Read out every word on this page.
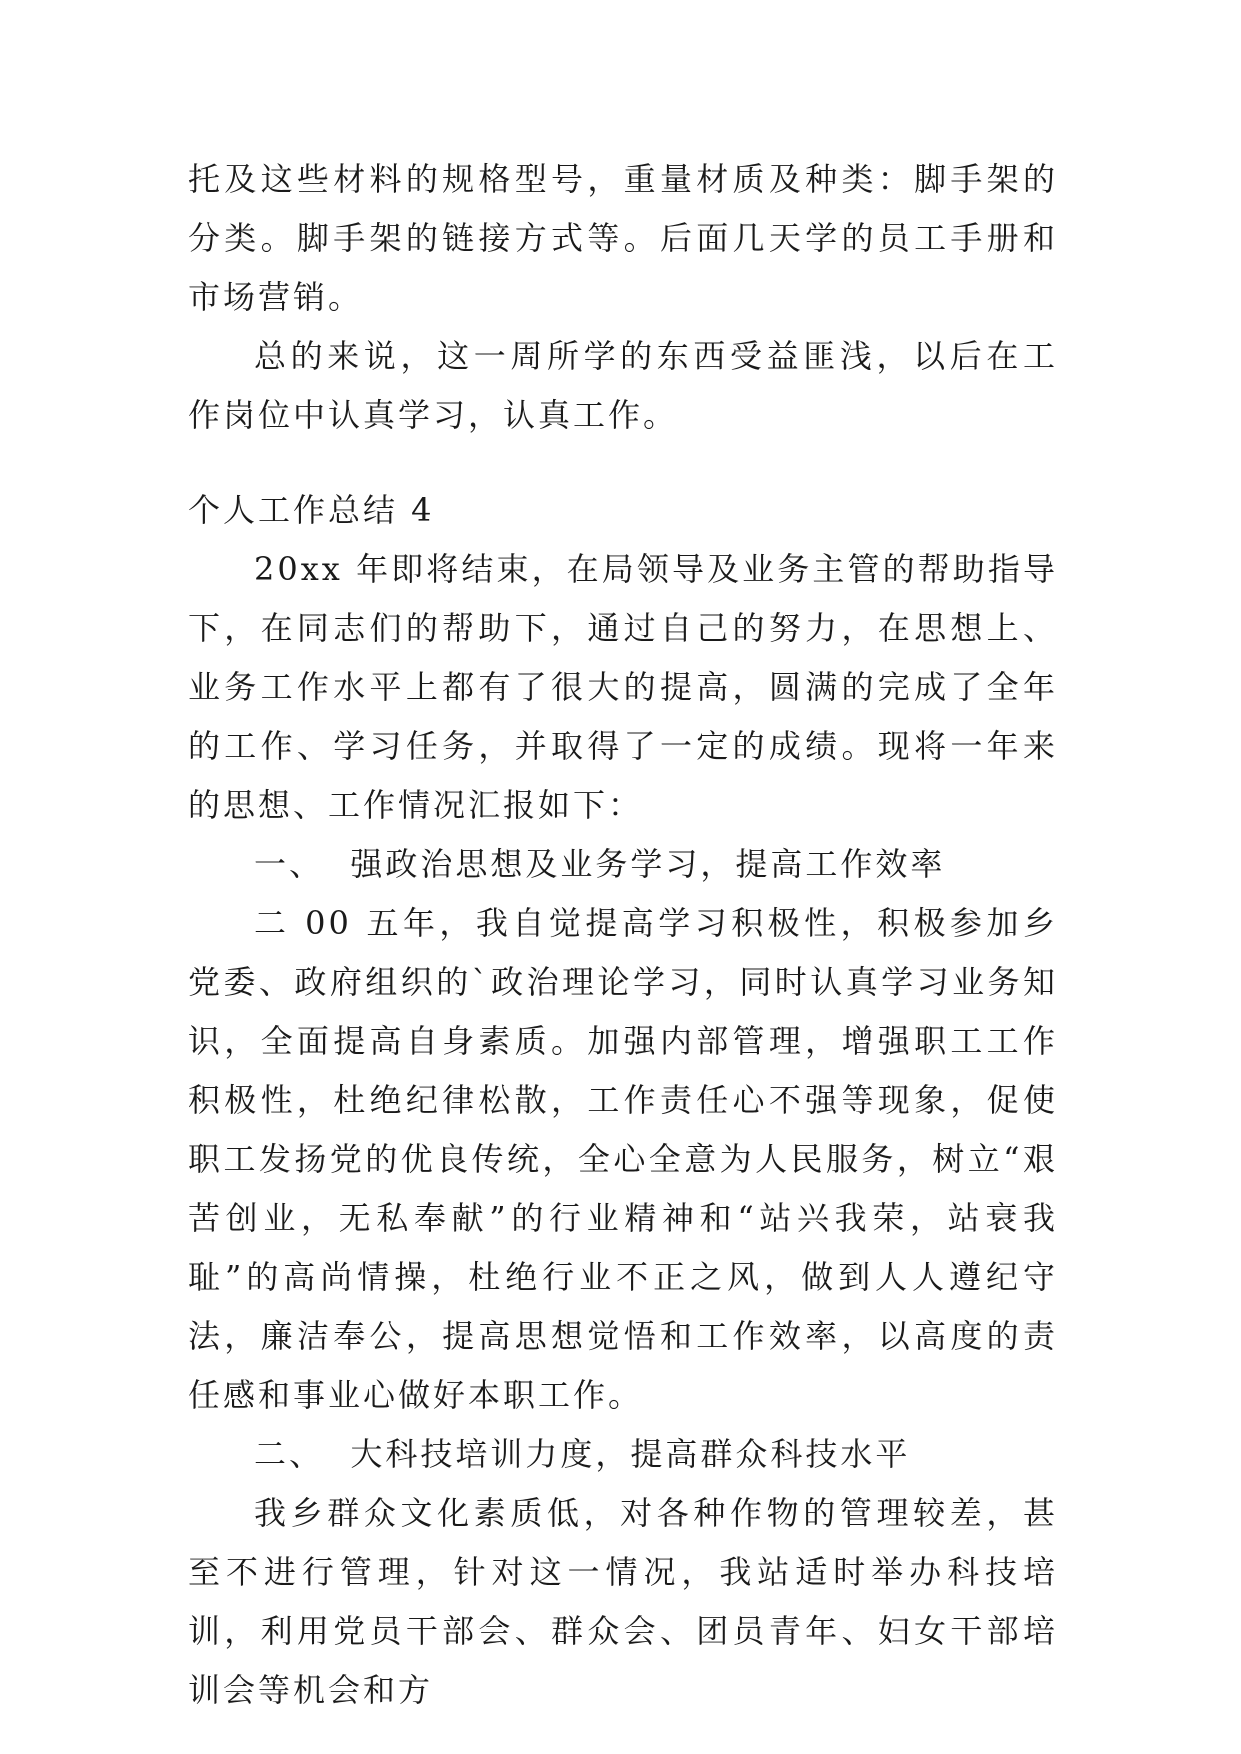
托及这些材料的规格型号，重量材质及种类：脚手架的分类。脚手架的链接方式等。后面几天学的员工手册和市场营销。

总的来说，这一周所学的东西受益匪浅，以后在工作岗位中认真学习，认真工作。

个人工作总结 4

20xx 年即将结束，在局领导及业务主管的帮助指导下，在同志们的帮助下，通过自己的努力，在思想上、业务工作水平上都有了很大的提高，圆满的完成了全年的工作、学习任务，并取得了一定的成绩。现将一年来的思想、工作情况汇报如下：

一、  强政治思想及业务学习，提高工作效率

二 00 五年，我自觉提高学习积极性，积极参加乡党委、政府组织的`政治理论学习，同时认真学习业务知识，全面提高自身素质。加强内部管理，增强职工工作积极性，杜绝纪律松散，工作责任心不强等现象，促使职工发扬党的优良传统，全心全意为人民服务，树立“艰苦创业，无私奉献”的行业精神和“站兴我荣，站衰我耻”的高尚情操，杜绝行业不正之风，做到人人遵纪守法，廉洁奉公，提高思想觉悟和工作效率，以高度的责任感和事业心做好本职工作。

二、  大科技培训力度，提高群众科技水平

我乡群众文化素质低，对各种作物的管理较差，甚至不进行管理，针对这一情况，我站适时举办科技培训，利用党员干部会、群众会、团员青年、妇女干部培训会等机会和方
